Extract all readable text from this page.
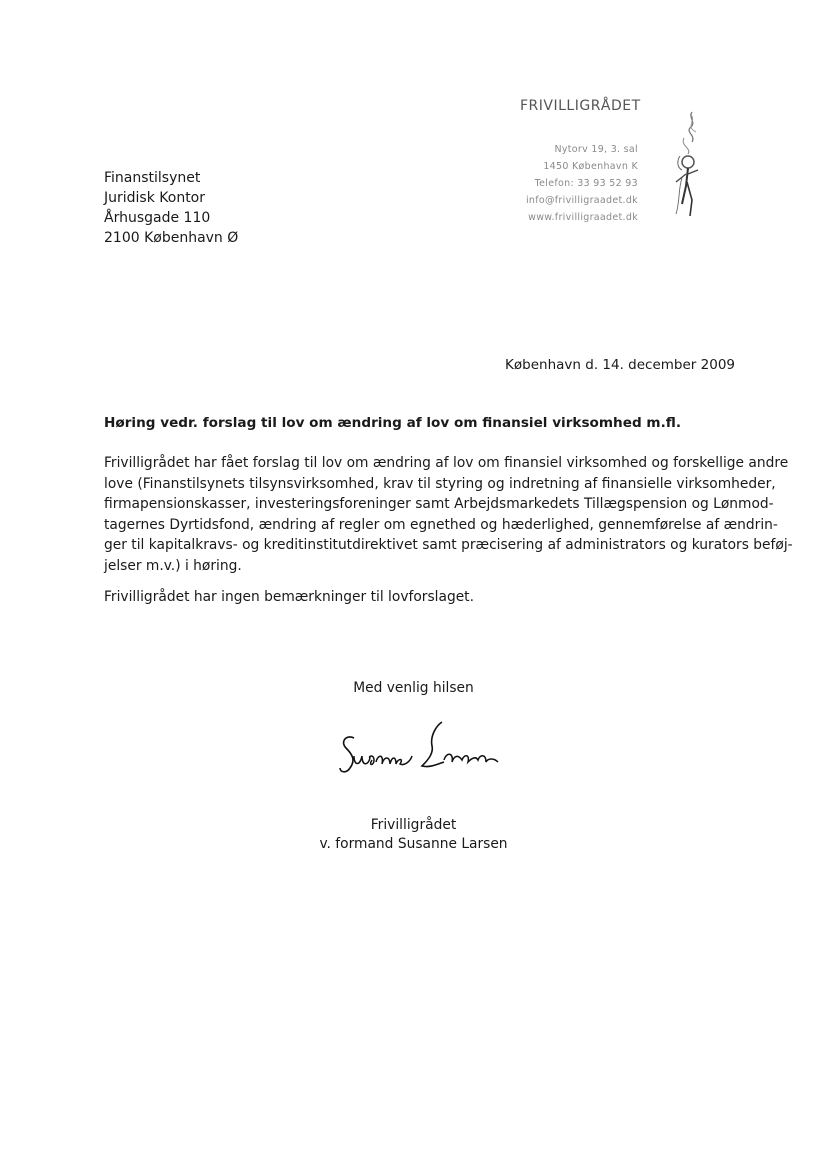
FRIVILLIGRÅDET
Nytorv 19, 3. sal
1450 København K
Telefon: 33 93 52 93
info@frivilligraadet.dk
www.frivilligraadet.dk
Finanstilsynet
Juridisk Kontor
Århusgade 110
2100 København Ø
København d. 14. december 2009
Høring vedr. forslag til lov om ændring af lov om finansiel virksomhed m.fl.
Frivilligrådet har fået forslag til lov om ændring af lov om finansiel virksomhed og forskellige andre
love (Finanstilsynets tilsynsvirksomhed, krav til styring og indretning af finansielle virksomheder,
firmapensionskasser, investeringsforeninger samt Arbejdsmarkedets Tillægspension og Lønmod-
tagernes Dyrtidsfond, ændring af regler om egnethed og hæderlighed, gennemførelse af ændrin-
ger til kapitalkravs- og kreditinstitutdirektivet samt præcisering af administrators og kurators beføj-
jelser m.v.) i høring.
Frivilligrådet har ingen bemærkninger til lovforslaget.
Med venlig hilsen
Frivilligrådet
v. formand Susanne Larsen
